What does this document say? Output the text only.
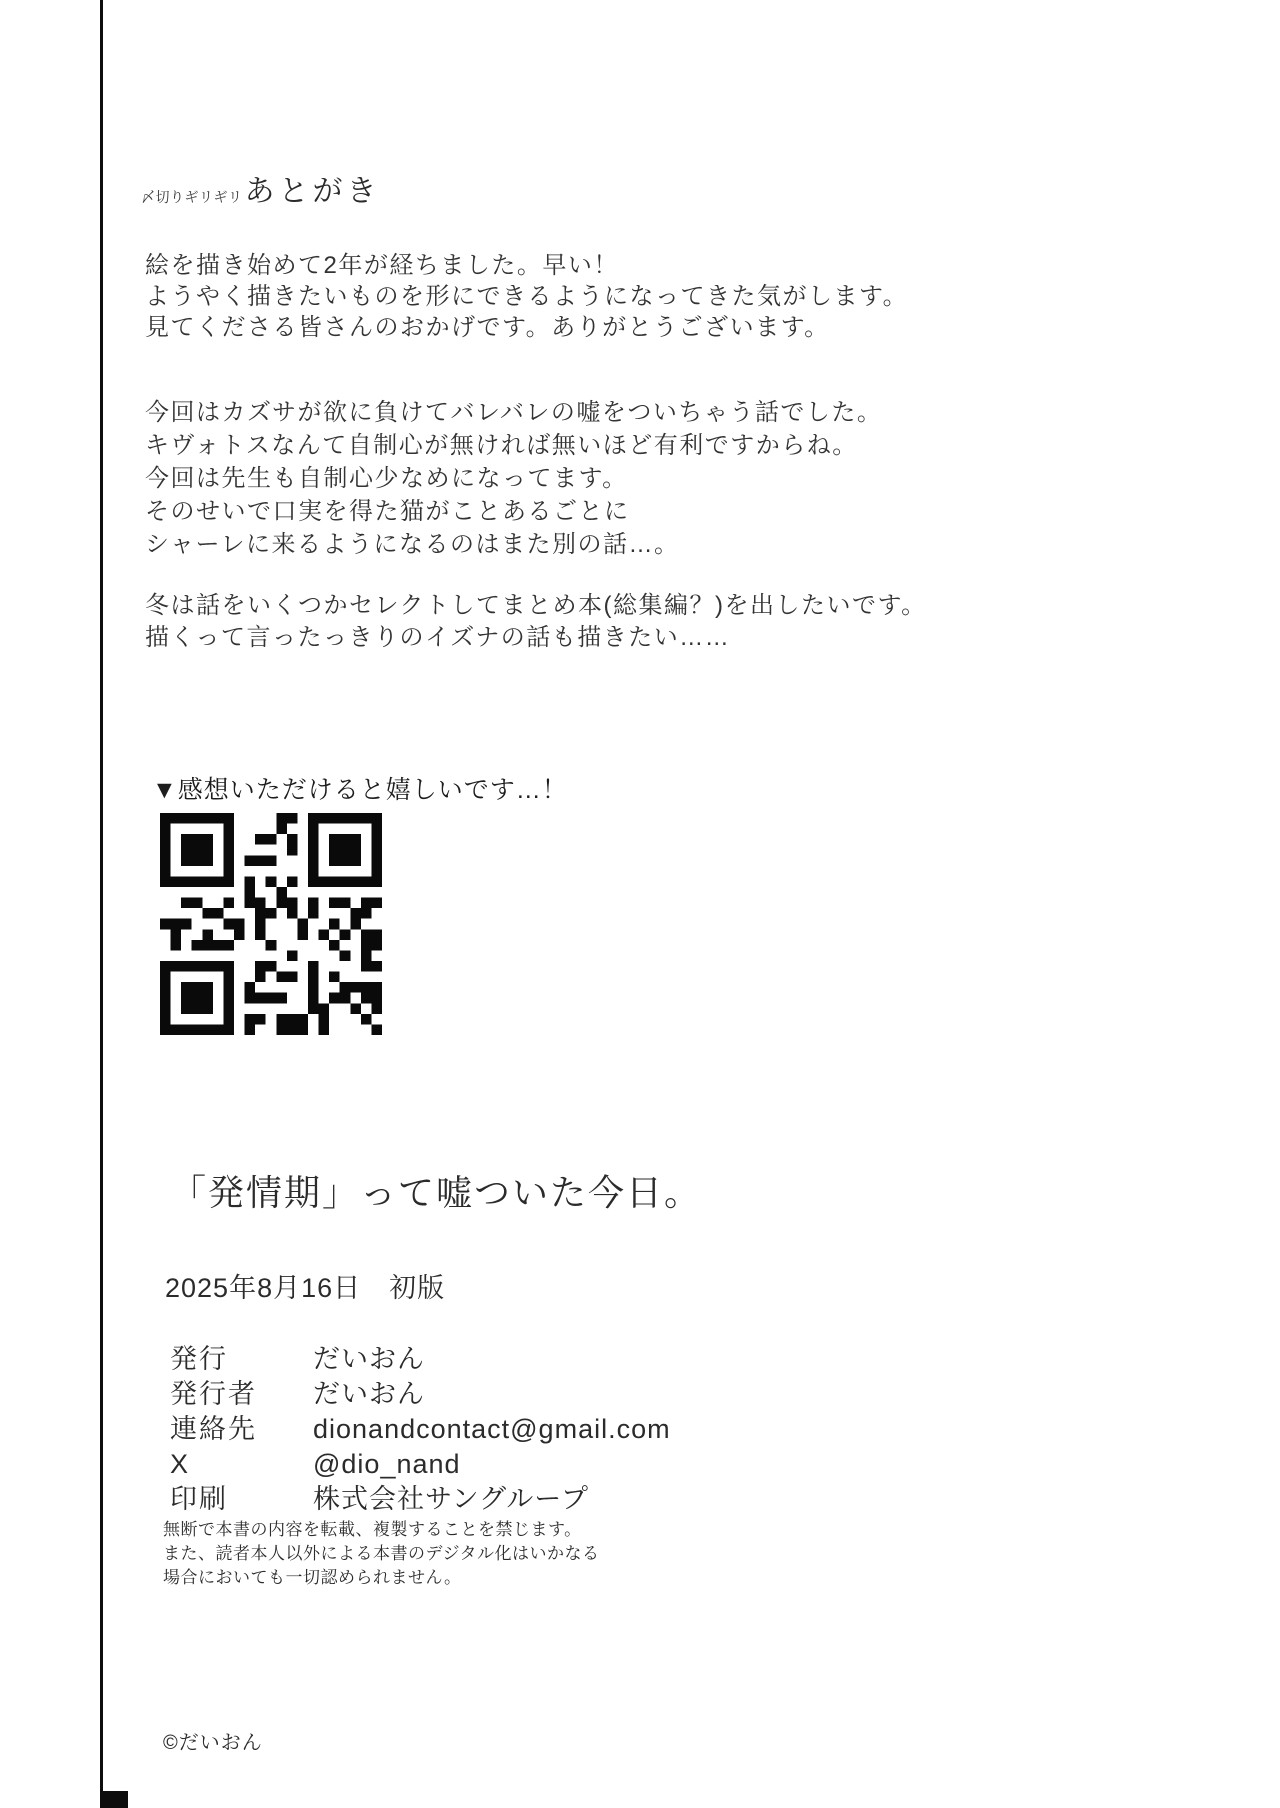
〆切りギリギリ あとがき
絵を描き始めて2年が経ちました。早い！
ようやく描きたいものを形にできるようになってきた気がします。
見てくださる皆さんのおかげです。ありがとうございます。
今回はカズサが欲に負けてバレバレの嘘をついちゃう話でした。
キヴォトスなんて自制心が無ければ無いほど有利ですからね。
今回は先生も自制心少なめになってます。
そのせいで口実を得た猫がことあるごとに
シャーレに来るようになるのはまた別の話…。
冬は話をいくつかセレクトしてまとめ本(総集編？)を出したいです。
描くって言ったっきりのイズナの話も描きたい……
▼感想いただけると嬉しいです…！
「発情期」って嘘ついた今日。
2025年8月16日　初版
発行	だいおん
発行者	だいおん
連絡先	dionandcontact@gmail.com
X	@dio_nand
印刷	株式会社サングループ
無断で本書の内容を転載、複製することを禁じます。
また、読者本人以外による本書のデジタル化はいかなる
場合においても一切認められません。
©だいおん
